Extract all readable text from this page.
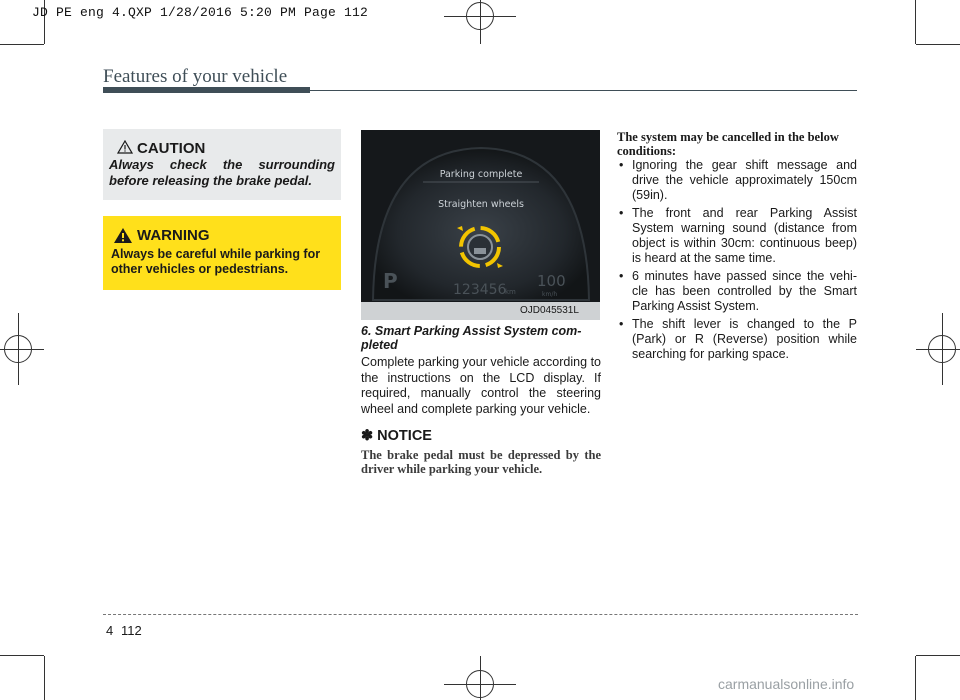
JD PE eng 4.QXP 1/28/2016 5:20 PM Page 112
Features of your vehicle
CAUTION
Always check the surrounding before releasing the brake pedal.
WARNING
Always be careful while parking for other vehicles or pedestrians.
Parking complete
Straighten wheels
P	123456
km
100
km/h
OJD045531L
6. Smart Parking Assist System com- pleted
Complete parking your vehicle according to the instructions on the LCD display. If required, manually control the steering wheel and complete parking your vehicle.
✽ NOTICE
The brake pedal must be depressed by the driver while parking your vehicle.
The system may be cancelled in the below conditions:
• Ignoring the gear shift message and drive the vehicle approximately 150cm (59in).
• The front and rear Parking Assist System warning sound (distance from object is within 30cm: continuous beep) is heard at the same time.
• 6 minutes have passed since the vehi- cle has been controlled by the Smart Parking Assist System.
• The shift lever is changed to the P (Park) or R (Reverse) position while searching for parking space.
4 112
carmanualsonline.info
